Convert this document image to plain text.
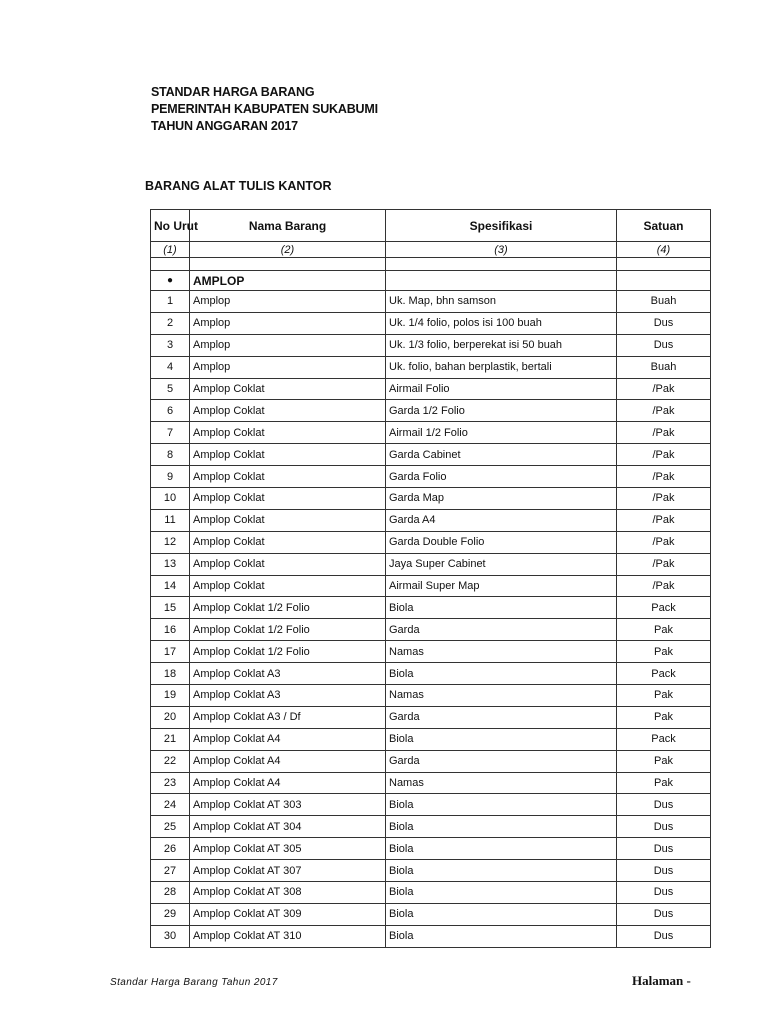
STANDAR HARGA BARANG
PEMERINTAH KABUPATEN SUKABUMI
TAHUN ANGGARAN 2017
BARANG ALAT TULIS KANTOR
No Urut	Nama Barang	Spesifikasi	Satuan
(1)	(2)	(3)	(4)

●	AMPLOP		
1	Amplop	Uk. Map, bhn samson	Buah
2	Amplop	Uk. 1/4 folio, polos isi 100 buah	Dus
3	Amplop	Uk. 1/3 folio, berperekat isi 50 buah	Dus
4	Amplop	Uk. folio, bahan berplastik, bertali	Buah
5	Amplop Coklat	Airmail Folio	/Pak
6	Amplop Coklat	Garda 1/2 Folio	/Pak
7	Amplop Coklat	Airmail 1/2 Folio	/Pak
8	Amplop Coklat	Garda Cabinet	/Pak
9	Amplop Coklat	Garda Folio	/Pak
10	Amplop Coklat	Garda Map	/Pak
11	Amplop Coklat	Garda A4	/Pak
12	Amplop Coklat	Garda Double Folio	/Pak
13	Amplop Coklat	Jaya Super Cabinet	/Pak
14	Amplop Coklat	Airmail Super Map	/Pak
15	Amplop Coklat 1/2 Folio	Biola	Pack
16	Amplop Coklat 1/2 Folio	Garda	Pak
17	Amplop Coklat 1/2 Folio	Namas	Pak
18	Amplop Coklat A3	Biola	Pack
19	Amplop Coklat A3	Namas	Pak
20	Amplop Coklat A3 / Df	Garda	Pak
21	Amplop Coklat A4	Biola	Pack
22	Amplop Coklat A4	Garda	Pak
23	Amplop Coklat A4	Namas	Pak
24	Amplop Coklat AT 303	Biola	Dus
25	Amplop Coklat AT 304	Biola	Dus
26	Amplop Coklat AT 305	Biola	Dus
27	Amplop Coklat AT 307	Biola	Dus
28	Amplop Coklat AT 308	Biola	Dus
29	Amplop Coklat AT 309	Biola	Dus
30	Amplop Coklat AT 310	Biola	Dus
Standar Harga Barang Tahun 2017	Halaman -
